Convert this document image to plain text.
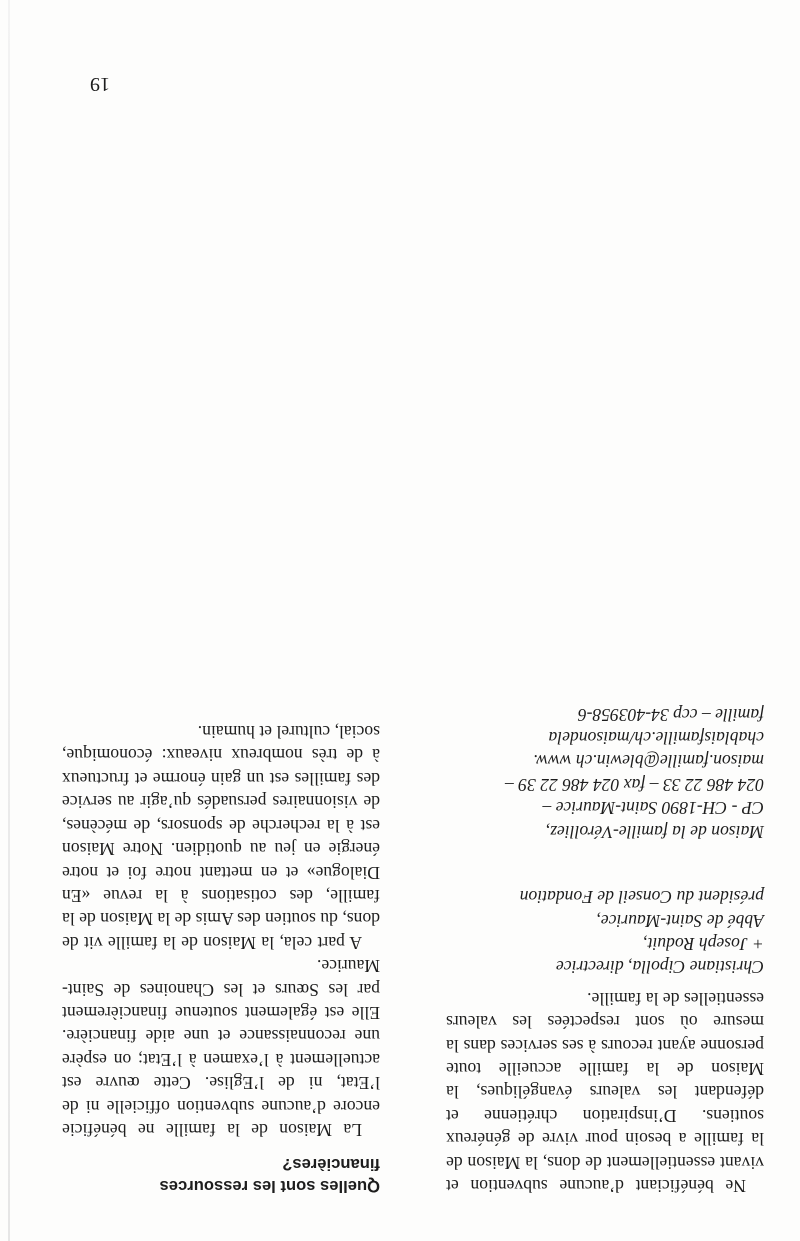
Ne bénéficiant d’aucune subvention et vivant essentiellement de dons, la Maison de la famille a besoin pour vivre de généreux soutiens. D’inspiration chrétienne et défendant les valeurs évangéliques, la Maison de la famille accueille toute personne ayant recours à ses services dans la mesure où sont respectées les valeurs essentielles de la famille.

Christiane Cipolla, directrice

+ Joseph Roduit,

Abbé de Saint-Maurice,

président du Conseil de Fondation

Maison de la famille-Vérolliez,

CP - CH-1890 Saint-Maurice –

024 486 22 33 – fax 024 486 22 39 –

maison.famille@blewin.ch www.

chablaisfamille.ch/maisondela

famille – ccp 34-403958-6

Quelles sont les ressources financières?

La Maison de la famille ne bénéficie encore d’aucune subvention officielle ni de l’Etat, ni de l’Eglise. Cette œuvre est actuellement à l’examen à l’Etat; on espère une reconnaissance et une aide financière. Elle est également soutenue financièrement par les Sœurs et les Chanoines de Saint-Maurice.

A part cela, la Maison de la famille vit de dons, du soutien des Amis de la Maison de la famille, des cotisations à la revue «En Dialogue» et en mettant notre foi et notre énergie en jeu au quotidien. Notre Maison est à la recherche de sponsors, de mécènes, de visionnaires persuadés qu’agir au service des familles est un gain énorme et fructueux à de très nombreux niveaux: économique, social, culturel et humain.

19
